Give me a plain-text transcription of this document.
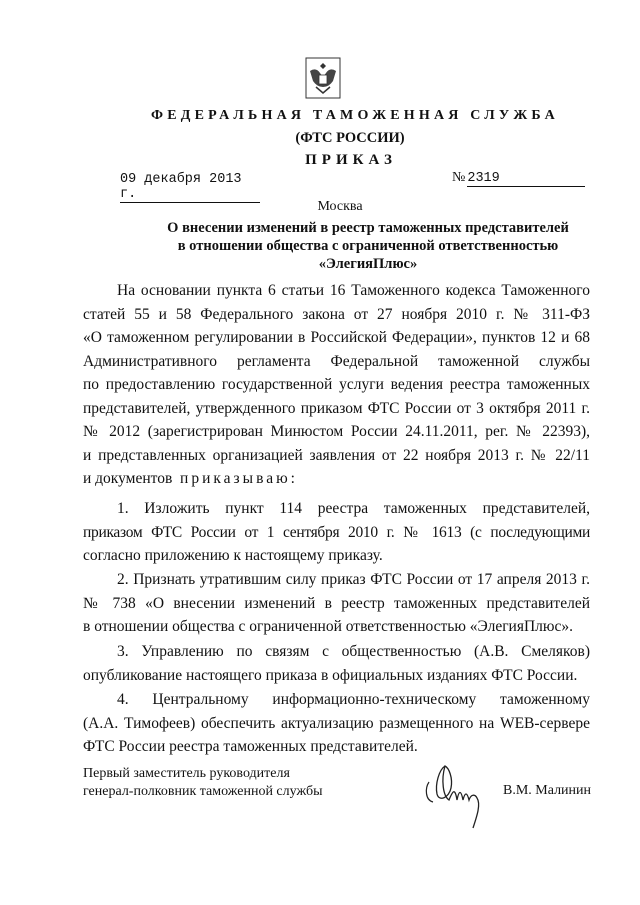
ФЕДЕРАЛЬНАЯ ТАМОЖЕННАЯ СЛУЖБА
(ФТС РОССИИ)
ПРИКАЗ
09 декабря 2013 г.
№ 2319
Москва
О внесении изменений в реестр таможенных представителей
в отношении общества с ограниченной ответственностью
«ЭлегияПлюс»
На основании пункта 6 статьи 16 Таможенного кодекса Таможенного
статей 55 и 58 Федерального закона от 27 ноября 2010 г. № 311-ФЗ
«О таможенном регулировании в Российской Федерации», пунктов 12 и 68
Административного регламента Федеральной таможенной службы
по предоставлению государственной услуги ведения реестра таможенных
представителей, утвержденного приказом ФТС России от 3 октября 2011 г.
№ 2012 (зарегистрирован Минюстом России 24.11.2011, рег. № 22393),
и представленных организацией заявления от 22 ноября 2013 г. № 22/11
и документов приказываю:
1. Изложить пункт 114 реестра таможенных представителей,
приказом ФТС России от 1 сентября 2010 г. № 1613 (с последующими
согласно приложению к настоящему приказу.
2. Признать утратившим силу приказ ФТС России от 17 апреля 2013 г.
№ 738 «О внесении изменений в реестр таможенных представителей
в отношении общества с ограниченной ответственностью «ЭлегияПлюс».
3. Управлению по связям с общественностью (А.В. Смеляков)
опубликование настоящего приказа в официальных изданиях ФТС России.
4. Центральному информационно-техническому таможенному
(А.А. Тимофеев) обеспечить актуализацию размещенного на WEB-сервере
ФТС России реестра таможенных представителей.
Первый заместитель руководителя
генерал-полковник таможенной службы	В.М. Малинин
